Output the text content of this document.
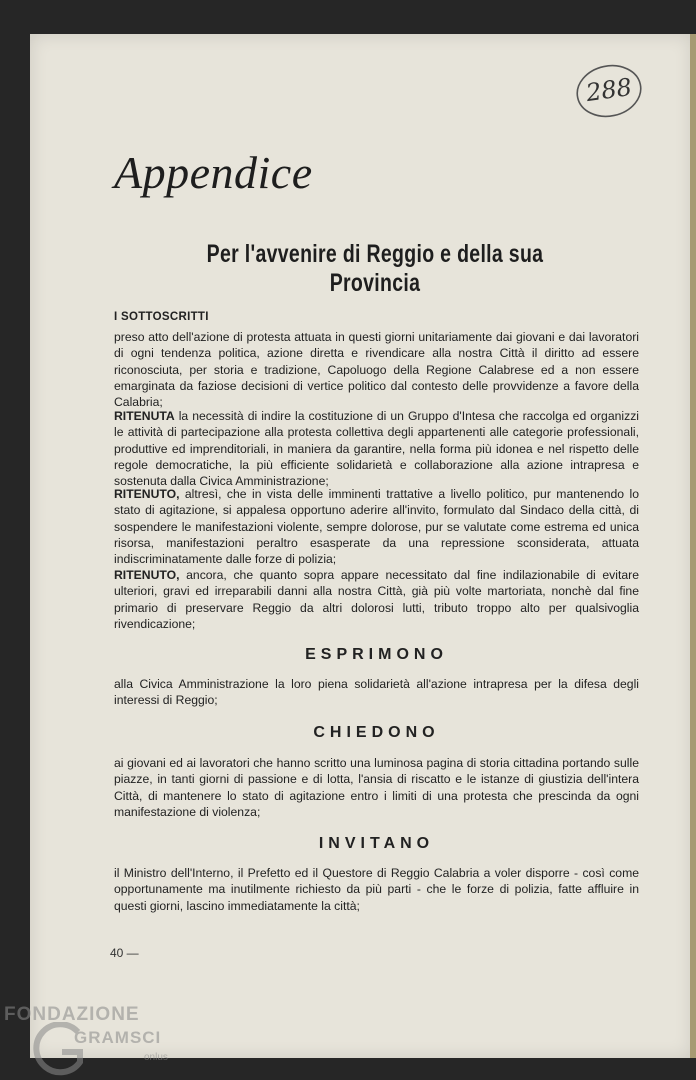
288
Appendice
Per l'avvenire di Reggio e della sua Provincia
I SOTTOSCRITTI

preso atto dell'azione di protesta attuata in questi giorni unitariamente dai giovani e dai lavoratori di ogni tendenza politica, azione diretta e rivendicare alla nostra Città il diritto ad essere riconosciuta, per storia e tradizione, Capoluogo della Regione Calabrese ed a non essere emarginata da faziose decisioni di vertice politico dal contesto delle provvidenze a favore della Calabria;

RITENUTA la necessità di indire la costituzione di un Gruppo d'Intesa che raccolga ed organizzi le attività di partecipazione alla protesta collettiva degli appartenenti alle categorie professionali, produttive ed imprenditoriali, in maniera da garantire, nella forma più idonea e nel rispetto delle regole democratiche, la più efficiente solidarietà e collaborazione alla azione intrapresa e sostenuta dalla Civica Amministrazione;

RITENUTO, altresì, che in vista delle imminenti trattative a livello politico, pur mantenendo lo stato di agitazione, si appalesa opportuno aderire all'invito, formulato dal Sindaco della città, di sospendere le manifestazioni violente, sempre dolorose, pur se valutate come estrema ed unica risorsa, manifestazioni peraltro esasperate da una repressione sconsiderata, attuata indiscriminatamente dalle forze di polizia;

RITENUTO, ancora, che quanto sopra appare necessitato dal fine indilazionabile di evitare ulteriori, gravi ed irreparabili danni alla nostra Città, già più volte martoriata, nonchè dal fine primario di preservare Reggio da altri dolorosi lutti, tributo troppo alto per qualsivoglia rivendicazione;

ESPRIMONO

alla Civica Amministrazione la loro piena solidarietà all'azione intrapresa per la difesa degli interessi di Reggio;

CHIEDONO

ai giovani ed ai lavoratori che hanno scritto una luminosa pagina di storia cittadina portando sulle piazze, in tanti giorni di passione e di lotta, l'ansia di riscatto e le istanze di giustizia dell'intera Città, di mantenere lo stato di agitazione entro i limiti di una protesta che prescinda da ogni manifestazione di violenza;

INVITANO

il Ministro dell'Interno, il Prefetto ed il Questore di Reggio Calabria a voler disporre - così come opportunamente ma inutilmente richiesto da più parti - che le forze di polizia, fatte affluire in questi giorni, lascino immediatamente la città;

40 —
FONDAZIONE
GRAMSCI
onlus
